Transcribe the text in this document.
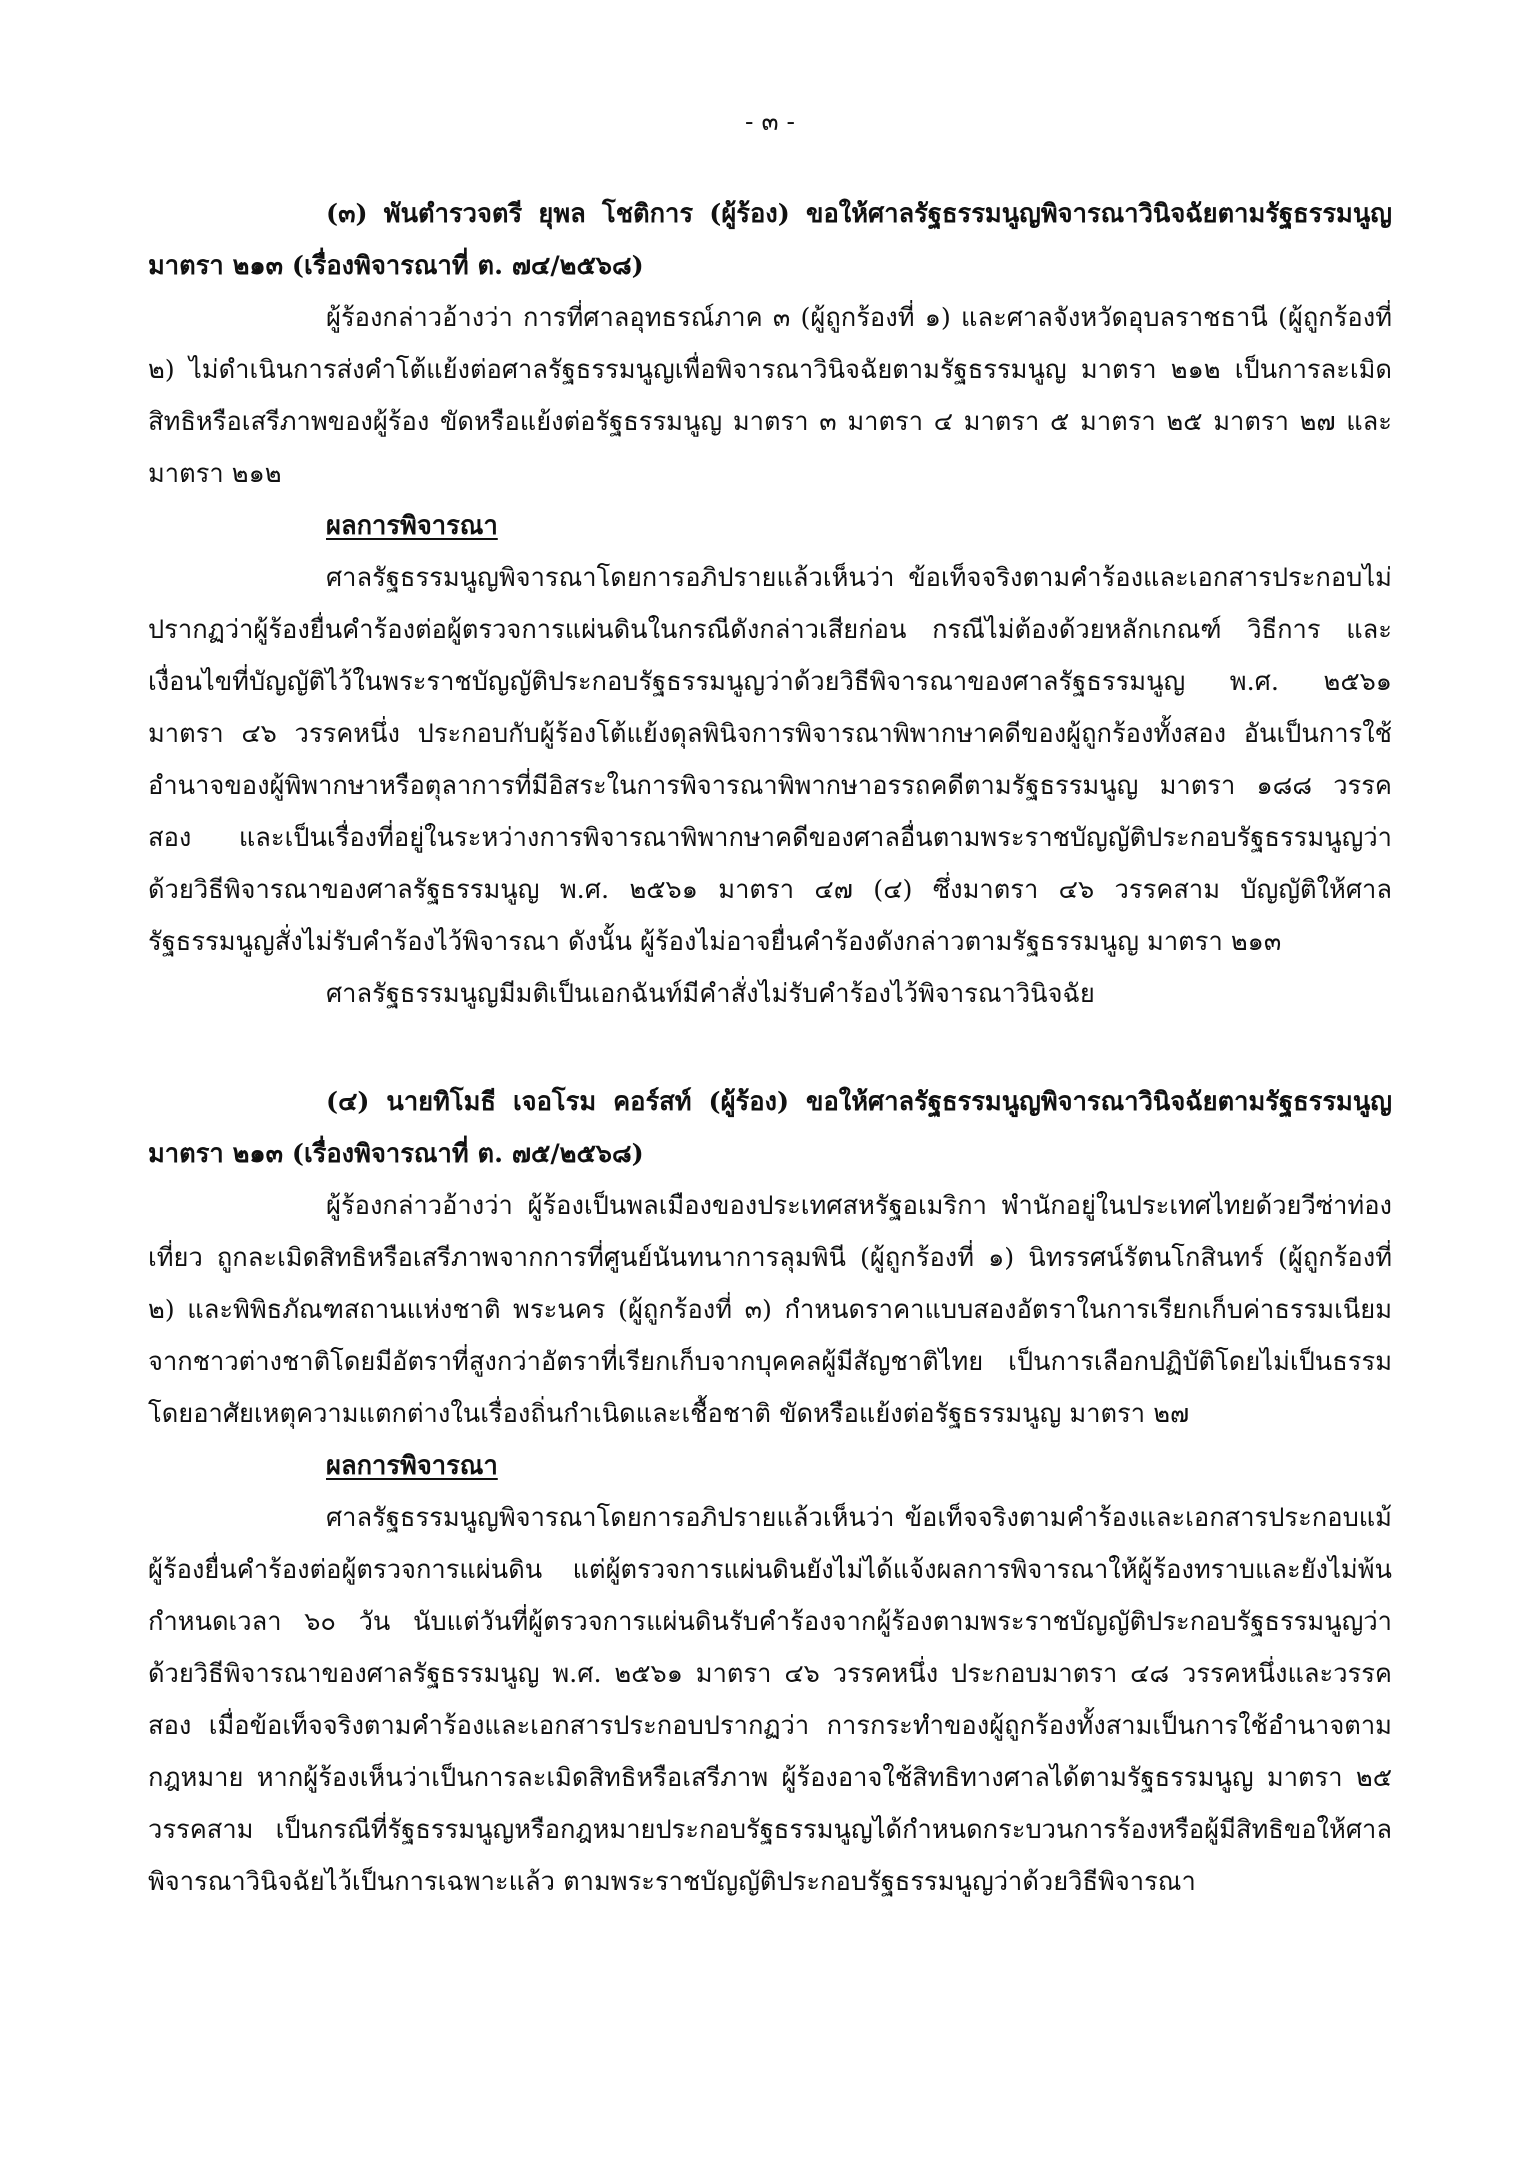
- ๓ -

(๓) พันตำรวจตรี ยุพล โชติการ (ผู้ร้อง) ขอให้ศาลรัฐธรรมนูญพิจารณาวินิจฉัยตามรัฐธรรมนูญ มาตรา ๒๑๓ (เรื่องพิจารณาที่ ต. ๗๔/๒๕๖๘)

ผู้ร้องกล่าวอ้างว่า การที่ศาลอุทธรณ์ภาค ๓ (ผู้ถูกร้องที่ ๑) และศาลจังหวัดอุบลราชธานี (ผู้ถูกร้องที่ ๒) ไม่ดำเนินการส่งคำโต้แย้งต่อศาลรัฐธรรมนูญเพื่อพิจารณาวินิจฉัยตามรัฐธรรมนูญ มาตรา ๒๑๒ เป็นการละเมิดสิทธิหรือเสรีภาพของผู้ร้อง ขัดหรือแย้งต่อรัฐธรรมนูญ มาตรา ๓ มาตรา ๔ มาตรา ๕ มาตรา ๒๕ มาตรา ๒๗ และมาตรา ๒๑๒

ผลการพิจารณา

ศาลรัฐธรรมนูญพิจารณาโดยการอภิปรายแล้วเห็นว่า ข้อเท็จจริงตามคำร้องและเอกสารประกอบไม่ปรากฏว่าผู้ร้องยื่นคำร้องต่อผู้ตรวจการแผ่นดินในกรณีดังกล่าวเสียก่อน กรณีไม่ต้องด้วยหลักเกณฑ์ วิธีการ และเงื่อนไขที่บัญญัติไว้ในพระราชบัญญัติประกอบรัฐธรรมนูญว่าด้วยวิธีพิจารณาของศาลรัฐธรรมนูญ พ.ศ. ๒๕๖๑ มาตรา ๔๖ วรรคหนึ่ง ประกอบกับผู้ร้องโต้แย้งดุลพินิจการพิจารณาพิพากษาคดีของผู้ถูกร้องทั้งสอง อันเป็นการใช้อำนาจของผู้พิพากษาหรือตุลาการที่มีอิสระในการพิจารณาพิพากษาอรรถคดีตามรัฐธรรมนูญ มาตรา ๑๘๘ วรรคสอง และเป็นเรื่องที่อยู่ในระหว่างการพิจารณาพิพากษาคดีของศาลอื่นตามพระราชบัญญัติประกอบรัฐธรรมนูญว่าด้วยวิธีพิจารณาของศาลรัฐธรรมนูญ พ.ศ. ๒๕๖๑ มาตรา ๔๗ (๔) ซึ่งมาตรา ๔๖ วรรคสาม บัญญัติให้ศาลรัฐธรรมนูญสั่งไม่รับคำร้องไว้พิจารณา ดังนั้น ผู้ร้องไม่อาจยื่นคำร้องดังกล่าวตามรัฐธรรมนูญ มาตรา ๒๑๓

ศาลรัฐธรรมนูญมีมติเป็นเอกฉันท์มีคำสั่งไม่รับคำร้องไว้พิจารณาวินิจฉัย

(๔) นายทิโมธี เจอโรม คอร์สท์ (ผู้ร้อง) ขอให้ศาลรัฐธรรมนูญพิจารณาวินิจฉัยตามรัฐธรรมนูญ มาตรา ๒๑๓ (เรื่องพิจารณาที่ ต. ๗๕/๒๕๖๘)

ผู้ร้องกล่าวอ้างว่า ผู้ร้องเป็นพลเมืองของประเทศสหรัฐอเมริกา พำนักอยู่ในประเทศไทยด้วยวีซ่าท่องเที่ยว ถูกละเมิดสิทธิหรือเสรีภาพจากการที่ศูนย์นันทนาการลุมพินี (ผู้ถูกร้องที่ ๑) นิทรรศน์รัตนโกสินทร์ (ผู้ถูกร้องที่ ๒) และพิพิธภัณฑสถานแห่งชาติ พระนคร (ผู้ถูกร้องที่ ๓) กำหนดราคาแบบสองอัตราในการเรียกเก็บค่าธรรมเนียมจากชาวต่างชาติโดยมีอัตราที่สูงกว่าอัตราที่เรียกเก็บจากบุคคลผู้มีสัญชาติไทย เป็นการเลือกปฏิบัติโดยไม่เป็นธรรม โดยอาศัยเหตุความแตกต่างในเรื่องถิ่นกำเนิดและเชื้อชาติ ขัดหรือแย้งต่อรัฐธรรมนูญ มาตรา ๒๗

ผลการพิจารณา

ศาลรัฐธรรมนูญพิจารณาโดยการอภิปรายแล้วเห็นว่า ข้อเท็จจริงตามคำร้องและเอกสารประกอบแม้ผู้ร้องยื่นคำร้องต่อผู้ตรวจการแผ่นดิน แต่ผู้ตรวจการแผ่นดินยังไม่ได้แจ้งผลการพิจารณาให้ผู้ร้องทราบและยังไม่พ้นกำหนดเวลา ๖๐ วัน นับแต่วันที่ผู้ตรวจการแผ่นดินรับคำร้องจากผู้ร้องตามพระราชบัญญัติประกอบรัฐธรรมนูญว่าด้วยวิธีพิจารณาของศาลรัฐธรรมนูญ พ.ศ. ๒๕๖๑ มาตรา ๔๖ วรรคหนึ่ง ประกอบมาตรา ๔๘ วรรคหนึ่งและวรรคสอง เมื่อข้อเท็จจริงตามคำร้องและเอกสารประกอบปรากฏว่า การกระทำของผู้ถูกร้องทั้งสามเป็นการใช้อำนาจตามกฎหมาย หากผู้ร้องเห็นว่าเป็นการละเมิดสิทธิหรือเสรีภาพ ผู้ร้องอาจใช้สิทธิทางศาลได้ตามรัฐธรรมนูญ มาตรา ๒๕ วรรคสาม เป็นกรณีที่รัฐธรรมนูญหรือกฎหมายประกอบรัฐธรรมนูญได้กำหนดกระบวนการร้องหรือผู้มีสิทธิขอให้ศาลพิจารณาวินิจฉัยไว้เป็นการเฉพาะแล้ว ตามพระราชบัญญัติประกอบรัฐธรรมนูญว่าด้วยวิธีพิจารณา
